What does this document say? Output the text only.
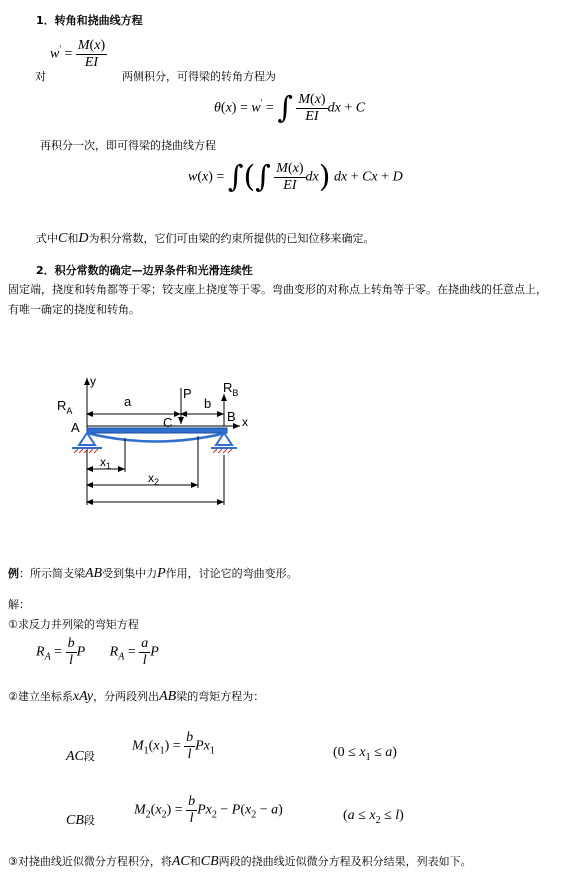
1．转角和挠曲线方程
$w' = \frac{M(x)}{EI}$
对	两侧积分，可得梁的转角方程为
θ(x) = w' = ∫ $\frac{M(x)}{EI}$ dx + C
再积分一次，即可得梁的挠曲线方程
w(x) = ∫(∫ $\frac{M(x)}{EI} dx$) dx + Cx + D
式中C和D为积分常数，它们可由梁的约束所提供的已知位移来确定。
2．积分常数的确定—边界条件和光滑连续性
固定端，挠度和转角都等于零；铰支座上挠度等于零。弯曲变形的对称点上转角等于零。在挠曲线的任意点上，有唯一确定的挠度和转角。
$R_A$
$R_B$
y
x
a	b
P
A
B
C
$x_1$
$x_2$
例：所示简支梁AB受到集中力P作用，讨论它的弯曲变形。
解：
①求反力并列梁的弯矩方程
$R_A = \frac{b}{l}$ P $R_A = \frac{a}{l}$ P
②建立坐标系xAy，分两段列出AB梁的弯矩方程为：
AC段
$M_1(x_1) = \frac{b}{l} Px_1$	$(0 \le x_1 \le a)$
CB段
$M_2(x_2) = \frac{b}{l} Px_2 - P(x_2 - a)$	$(a \le x_2 \le l)$
③对挠曲线近似微分方程积分，将AC和CB两段的挠曲线近似微分方程及积分结果，列表如下。
